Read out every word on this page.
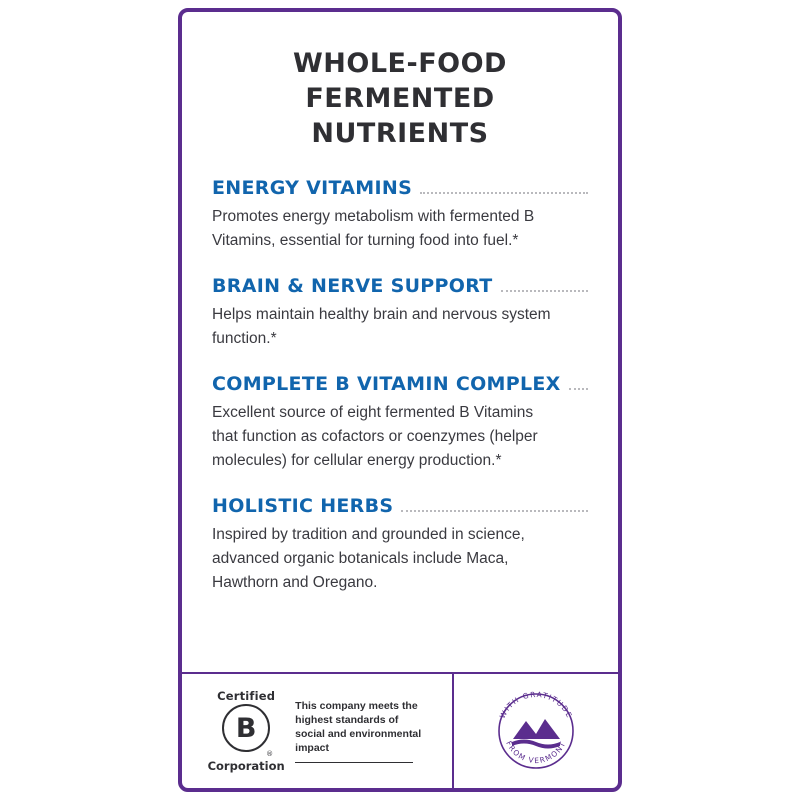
WHOLE-FOOD
FERMENTED NUTRIENTS
ENERGY VITAMINS

Promotes energy metabolism with fermented B Vitamins, essential for turning food into fuel.*

BRAIN & NERVE SUPPORT

Helps maintain healthy brain and nervous system function.*

COMPLETE B VITAMIN COMPLEX

Excellent source of eight fermented B Vitamins that function as cofactors or coenzymes (helper molecules) for cellular energy production.*

HOLISTIC HERBS

Inspired by tradition and grounded in science, advanced organic botanicals include Maca, Hawthorn and Oregano.

Certified
B
®
Corporation
This company meets the highest standards of social and environmental impact
WITH GRATITUDE
FROM VERMONT
